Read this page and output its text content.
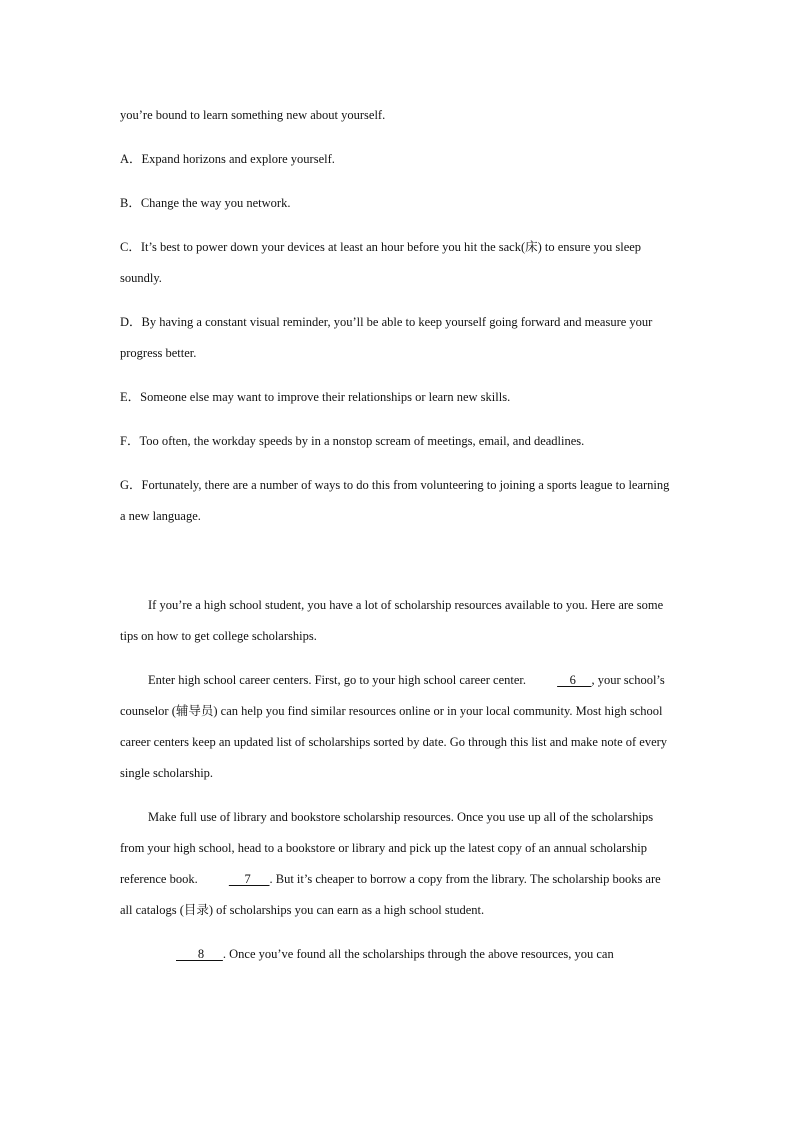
you’re bound to learn something new about yourself.

A．Expand horizons and explore yourself.

B．Change the way you network.

C．It’s best to power down your devices at least an hour before you hit the sack(床) to ensure you sleep soundly.

D．By having a constant visual reminder, you’ll be able to keep yourself going forward and measure your progress better.

E．Someone else may want to improve their relationships or learn new skills.

F．Too often, the workday speeds by in a nonstop scream of meetings, email, and deadlines.

G．Fortunately, there are a number of ways to do this from volunteering to joining a sports league to learning a new language.

If you’re a high school student, you have a lot of scholarship resources available to you. Here are some tips on how to get college scholarships.

Enter high school career centers. First, go to your high school career center.     6     , your school’s counselor (辅导员) can help you find similar resources online or in your local community. Most high school career centers keep an updated list of scholarships sorted by date. Go through this list and make note of every single scholarship.

Make full use of library and bookstore scholarship resources. Once you use up all of the scholarships from your high school, head to a bookstore or library and pick up the latest copy of an annual scholarship reference book.      7      . But it’s cheaper to borrow a copy from the library. The scholarship books are all catalogs (目录) of scholarships you can earn as a high school student.

8      . Once you’ve found all the scholarships through the above resources, you can
